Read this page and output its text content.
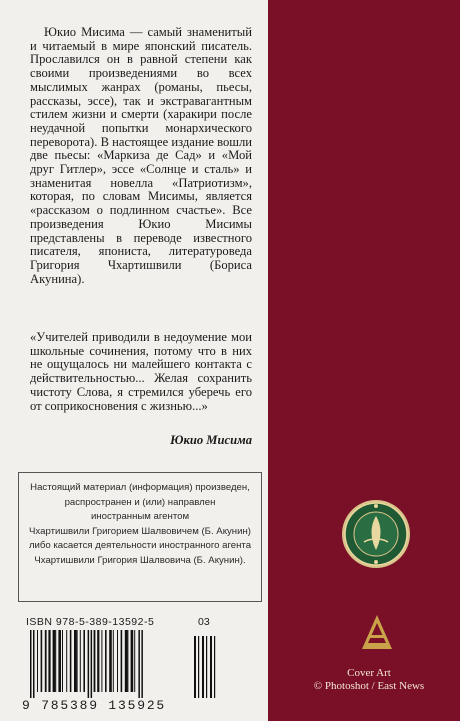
Юкио Мисима — самый знаменитый и читаемый в мире японский писатель. Прославился он в равной степени как своими произведениями во всех мыслимых жанрах (романы, пьесы, рассказы, эссе), так и экстравагантным стилем жизни и смерти (харакири после неудачной попытки монархического переворота). В настоящее издание вошли две пьесы: «Маркиза де Сад» и «Мой друг Гитлер», эссе «Солнце и сталь» и знаменитая новелла «Патриотизм», которая, по словам Мисимы, является «рассказом о подлинном счастье». Все произведения Юкио Мисимы представлены в переводе известного писателя, япониста, литературоведа Григория Чхартишвили (Бориса Акунина).

«Учителей приводили в недоумение мои школьные сочинения, потому что в них не ощущалось ни малейшего контакта с действительностью... Желая сохранить чистоту Слова, я стремился уберечь его от соприкосновения с жизнью...»

Юкио Мисима
Настоящий материал (информация) произведен,
распространен и (или) направлен
иностранным агентом
Чхартишвили Григорием Шалвовичем (Б. Акунин)
либо касается деятельности иностранного агента
Чхартишвили Григория Шалвовича (Б. Акунин).
ISBN 978-5-389-13592-5	03
9 785389 135925
Cover Art
© Photoshot / East News
